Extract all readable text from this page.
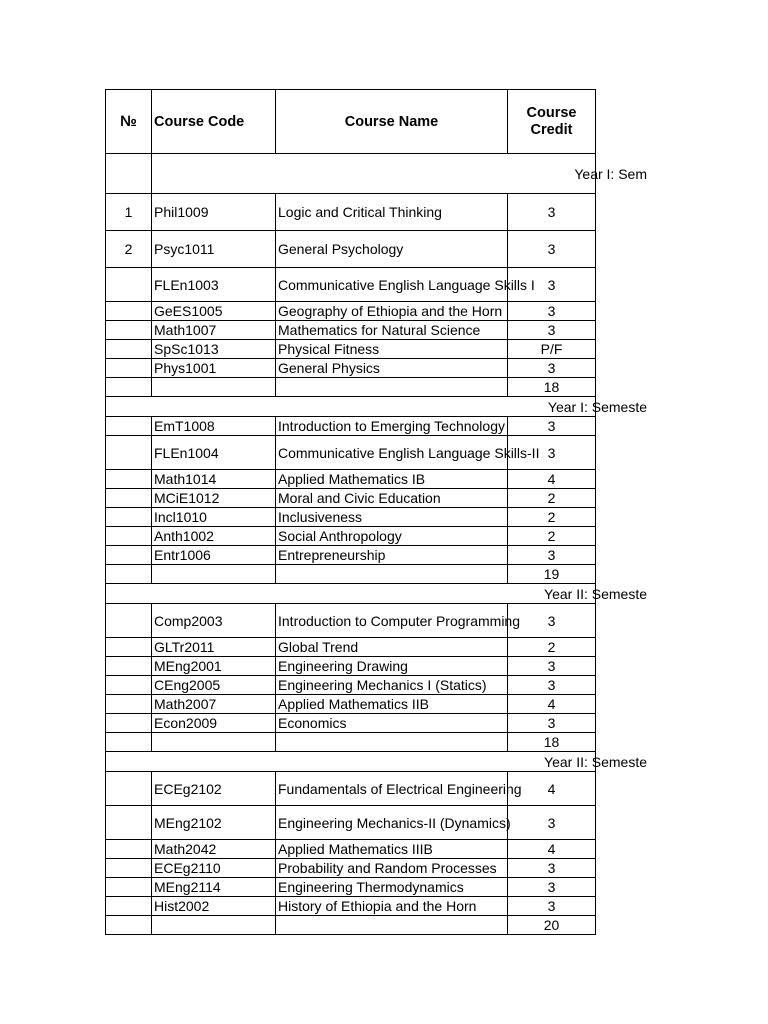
№	Course Code	Course Name	Course Credit
	Year I: Sem		
1	Phil1009	Logic and Critical Thinking	3
2	Psyc1011	General Psychology	3
	FLEn1003	Communicative English Language Skills I	3
	GeES1005	Geography of Ethiopia and the Horn	3
	Math1007	Mathematics for Natural Science	3
	SpSc1013	Physical Fitness	P/F
	Phys1001	General Physics	3
			18
Year I: Semeste			
	EmT1008	Introduction to Emerging Technology	3
	FLEn1004	Communicative English Language Skills-II	3
	Math1014	Applied Mathematics IB	4
	MCiE1012	Moral and Civic Education	2
	Incl1010	Inclusiveness	2
	Anth1002	Social Anthropology	2
	Entr1006	Entrepreneurship	3
			19
Year II: Semeste			
	Comp2003	Introduction to Computer Programming	3
	GLTr2011	Global Trend	2
	MEng2001	Engineering Drawing	3
	CEng2005	Engineering Mechanics I (Statics)	3
	Math2007	Applied Mathematics IIB	4
	Econ2009	Economics	3
			18
Year II: Semeste			
	ECEg2102	Fundamentals of Electrical Engineering	4
	MEng2102	Engineering Mechanics-II (Dynamics)	3
	Math2042	Applied Mathematics IIIB	4
	ECEg2110	Probability and Random Processes	3
	MEng2114	Engineering Thermodynamics	3
	Hist2002	History of Ethiopia and the Horn	3
			20
